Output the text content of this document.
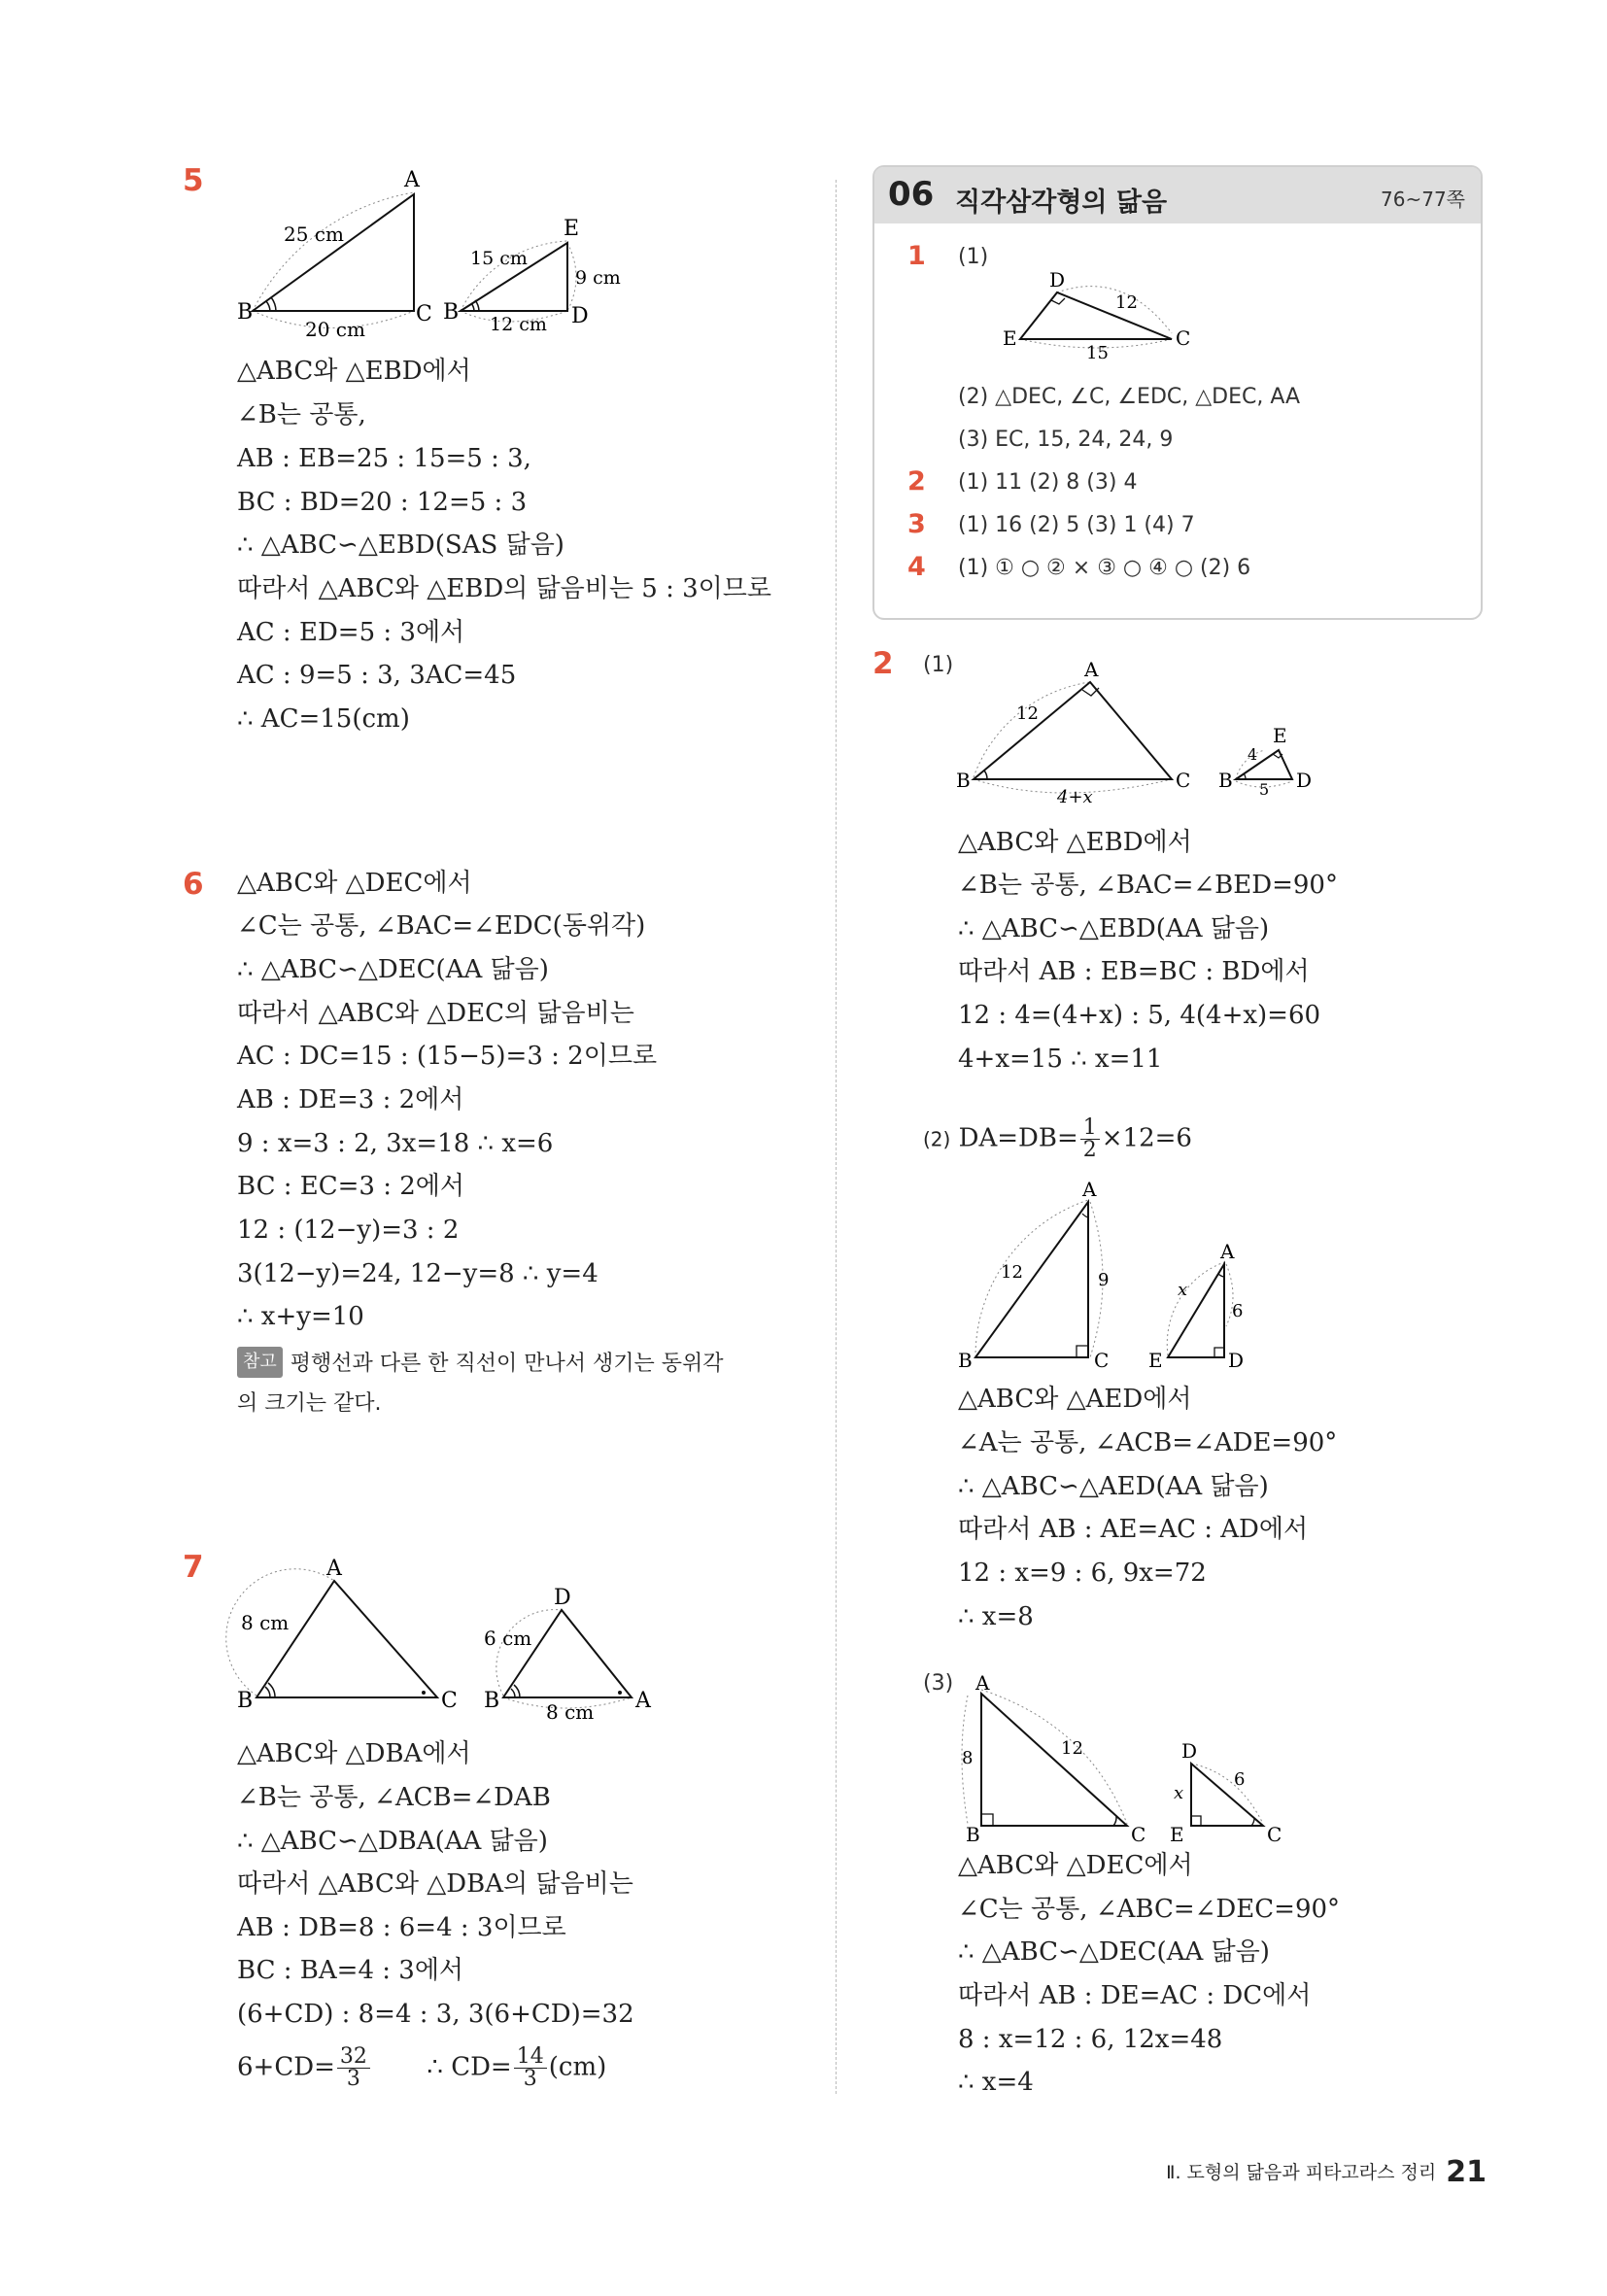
5	A
B	C
25 cm
20 cm
E
B	D
15 cm
12 cm
9 cm
△ABC와 △EBD에서
∠B는 공통,
AB : EB=25 : 15=5 : 3,
BC : BD=20 : 12=5 : 3
∴ △ABC∽△EBD(SAS 닮음)
따라서 △ABC와 △EBD의 닮음비는 5 : 3이므로
AC : ED=5 : 3에서
AC : 9=5 : 3, 3AC=45
∴ AC=15(cm)
6 △ABC와 △DEC에서
∠C는 공통, ∠BAC=∠EDC(동위각)
∴ △ABC∽△DEC(AA 닮음)
따라서 △ABC와 △DEC의 닮음비는
AC : DC=15 : (15−5)=3 : 2이므로
AB : DE=3 : 2에서
9 : x=3 : 2, 3x=18 ∴ x=6
BC : EC=3 : 2에서
12 : (12−y)=3 : 2
3(12−y)=24, 12−y=8 ∴ y=4
∴ x+y=10
참고 평행선과 다른 한 직선이 만나서 생기는 동위각
의 크기는 같다.
7	A
B	C
8 cm
D
B	A
6 cm
8 cm
△ABC와 △DBA에서
∠B는 공통, ∠ACB=∠DAB
∴ △ABC∽△DBA(AA 닮음)
따라서 △ABC와 △DBA의 닮음비는
AB : DB=8 : 6=4 : 3이므로
BC : BA=4 : 3에서
(6+CD) : 8=4 : 3, 3(6+CD)=32
$6+CD= \frac{32}{3}$ ∴ $CD= \frac{14}{3} (cm)$
06 직각삼각형의 닮음	76~77쪽
1 (1)
D
E	C
12
15
(2) △DEC, ∠C, ∠EDC, △DEC, AA
(3) EC, 15, 24, 24, 9
2 (1) 11 (2) 8 (3) 4
3 (1) 16 (2) 5 (3) 1 (4) 7
4 (1) ① ○ ② × ③ ○ ④ ○ (2) 6
2 (1)	A
B	C
12
4+x
E
B	D
4
5
△ABC와 △EBD에서
∠B는 공통, ∠BAC=∠BED=90°
∴ △ABC∽△EBD(AA 닮음)
따라서 AB : EB=BC : BD에서
12 : 4=(4+x) : 5, 4(4+x)=60
4+x=15 ∴ x=11
(2) $DA=DB= \frac{1}{2} \times 12=6$
A
B	C
12	9
A
E	D
x
6
△ABC와 △AED에서
∠A는 공통, ∠ACB=∠ADE=90°
∴ △ABC∽△AED(AA 닮음)
따라서 AB : AE=AC : AD에서
12 : x=9 : 6, 9x=72
∴ x=8
(3) A
B	C
8	12	D
E	C
x
6
△ABC와 △DEC에서
∠C는 공통, ∠ABC=∠DEC=90°
∴ △ABC∽△DEC(AA 닮음)
따라서 AB : DE=AC : DC에서
8 : x=12 : 6, 12x=48
∴ x=4
Ⅱ. 도형의 닮음과 피타고라스 정리 21
